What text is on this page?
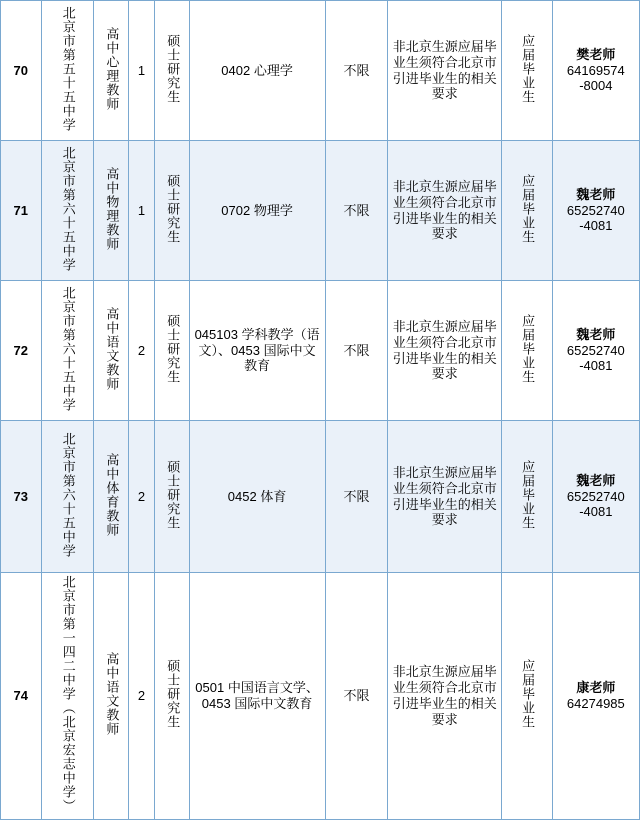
70	北京市第五十五中学	高中心理教师	1	硕士研究生	0402 心理学	不限	非北京生源应届毕业生须符合北京市引进毕业生的相关要求	应届毕业生	樊老师
64169574
-8004

71	北京市第六十五中学	高中物理教师	1	硕士研究生	0702 物理学	不限	非北京生源应届毕业生须符合北京市引进毕业生的相关要求	应届毕业生	魏老师
65252740
-4081

72	北京市第六十五中学	高中语文教师	2	硕士研究生	045103 学科教学（语文）、0453 国际中文教育	不限	非北京生源应届毕业生须符合北京市引进毕业生的相关要求	应届毕业生	魏老师
65252740
-4081

73	北京市第六十五中学	高中体育教师	2	硕士研究生	0452 体育	不限	非北京生源应届毕业生须符合北京市引进毕业生的相关要求	应届毕业生	魏老师
65252740
-4081

74	北京市第一四二中学（北京宏志中学）	高中语文教师	2	硕士研究生	0501 中国语言文学、0453 国际中文教育	不限	非北京生源应届毕业生须符合北京市引进毕业生的相关要求	应届毕业生	康老师
64274985
